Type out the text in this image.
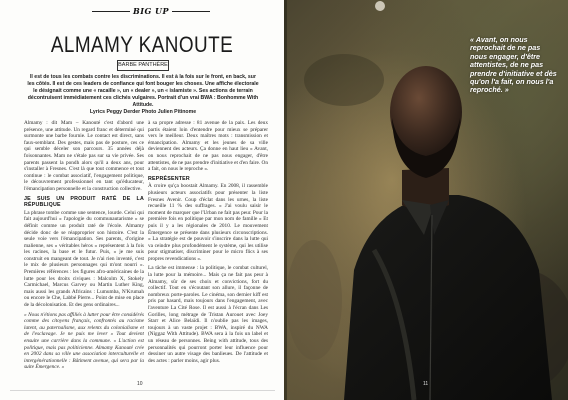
BIG UP
ALMAMY KANOUTE
BARBE PANTHÈRE
Il est de tous les combats contre les discriminations. Il est à la fois sur le front, en back, sur les côtés. Il est de ces leaders de confiance qui font bouger les choses. Une affiche électorale le désignait comme une « racaille », un « dealer », un « islamiste ». Ses actions de terrain décontruisent immédiatement ces clichés vulgaires. Portrait d'un vrai BWA : Bonhomme With Attitude.
Lyrics Peggy Derder Photo Julien Pitinome

Almamy : dit Mam – Kanouté c'est d'abord une présence, une attitude. Un regard franc et déterminé qui surmonte une barbe fournie. Le contact est direct, sans faux-semblant. Des gestes, mais pas de posture, ces ce qui semble déceler son parcours. 35 années déjà foisonnantes. Mam ne s'étale pas sur sa vie privée. Ses parents passent la pondh alors qu'il a deux ans, pour s'installer à Fresnes. C'est là que tout commence et tout continue : le combat associatif, l'engagement politique, le découvrement professionnel en tant qu'éducateur, l'émancipation personnelle et la construction collective.

JE SUIS UN PRODUIT RATÉ DE LA RÉPUBLIQUE

La phrase tombe comme une sentence, lourde. Celui qui fait aujourd'hui « l'apologie du communautarisme » se définit comme un produit raté de l'école. Almamy décide donc de se réapproprier son histoire. C'est la seule voie vers l'émancipation. Ses parents, d'origine malienne, ses « véritables héros » représentent à la fois les racines, la base et le futur. Puis, « je me suis construit en mangeant de tout. Je n'ai rien inventé, c'est le mix de plusieurs personnages qui m'ont nourri ». Premières références : les figures afro-américaines de la lutte pour les droits civiques : Malcolm X, Stokely Carmichael, Marcus Garvey ou Martin Luther King, mais aussi les grands Africains : Lumumba, N'Krumah ou encore le Che, Labbé Pierre... Point de mise en place de la décolonisation. Et des gens ordinaires...

« Nous n'étions pas affiliés à lutter pour être considérés comme des citoyens français, confrontés au racisme latent, au paternalisme, aux relents du colonialisme et de l'esclavage. Je ne puis me lever » Tout devient ensuite une carrière dans la commune. « L'action est politique, mais pas politicienne. Almamy Kanouté crée en 2002 dans sa ville une association interculturelle et intergénérationnelle : Bâtiment avenue, qui sera par la suite Émergence. »

à sa propre adresse : 81 avenue de la paix. Les deux partis étaient loin d'entendre pour mieux se préparer vers le meilleur. Deux maîtres mots : transmission et émancipation. Almamy et les jeunes de sa ville deviennent des acteurs. Ça donne en haut lieu « Avant, on nous reprochait de ne pas nous engager, d'être attentistes, de ne pas prendre d'initiative et d'en faire. On a fait, on nous le reproche ».

REPRÉSENTER

À croire qu'ça boostait Almamy. En 2008, il rassemble plusieurs acteurs associatifs pour présenter la liste Fresnes Avenir. Coup d'éclat dans les urnes, la liste recueille 11 % des suffrages. « J'ai voulu saisir le moment de marquer que l'Urban ne fait pas peur. Pour la première fois en politique par mon nom de famille » Et puis il y a les régionales de 2010. Le mouvement Émergence se présente dans plusieurs circonscriptions. « La stratégie est de pouvoir s'inscrire dans la lutte qui va ceindre plus profondément le système, qui les utilise pour stigmatiser, discriminer pour le micro flics à ses propres revendications ».

La tâche est immense : la politique, le combat culturel, la lutte pour la mémoire... Mais ça ne fait pas peur à Almamy, sûr de ses choix et convictions, fort du collectif. Tout en s'écoutant son allure, il façonne de nombreux porte-paroles. Le cinéma, son dernier kiff est pris par hasard, mais toujours dans l'engagement, avec l'aventure La Cité Rose. Il est aussi à l'écran dans Les Gorilles, long métrage de Tristan Aurouet avec Joey Starr et Alice Belaïdi. Il n'oublie pas les images, toujours à un vaste projet : BWA, inspiré du NWA (Niggaz With Attitude). BWA sera à la fois un label et un réseau de personnes. Being with attitude, tous des personnalités qui pourront porter leur influence pour dessiner un autre visage des banlieues. De l'attitude et des actes : parler moins, agir plus.

10
« Avant, on nous reprochait de ne pas nous engager, d'être attentistes, de ne pas prendre d'initiative et dès qu'on l'a fait, on nous l'a reproché. »
11
